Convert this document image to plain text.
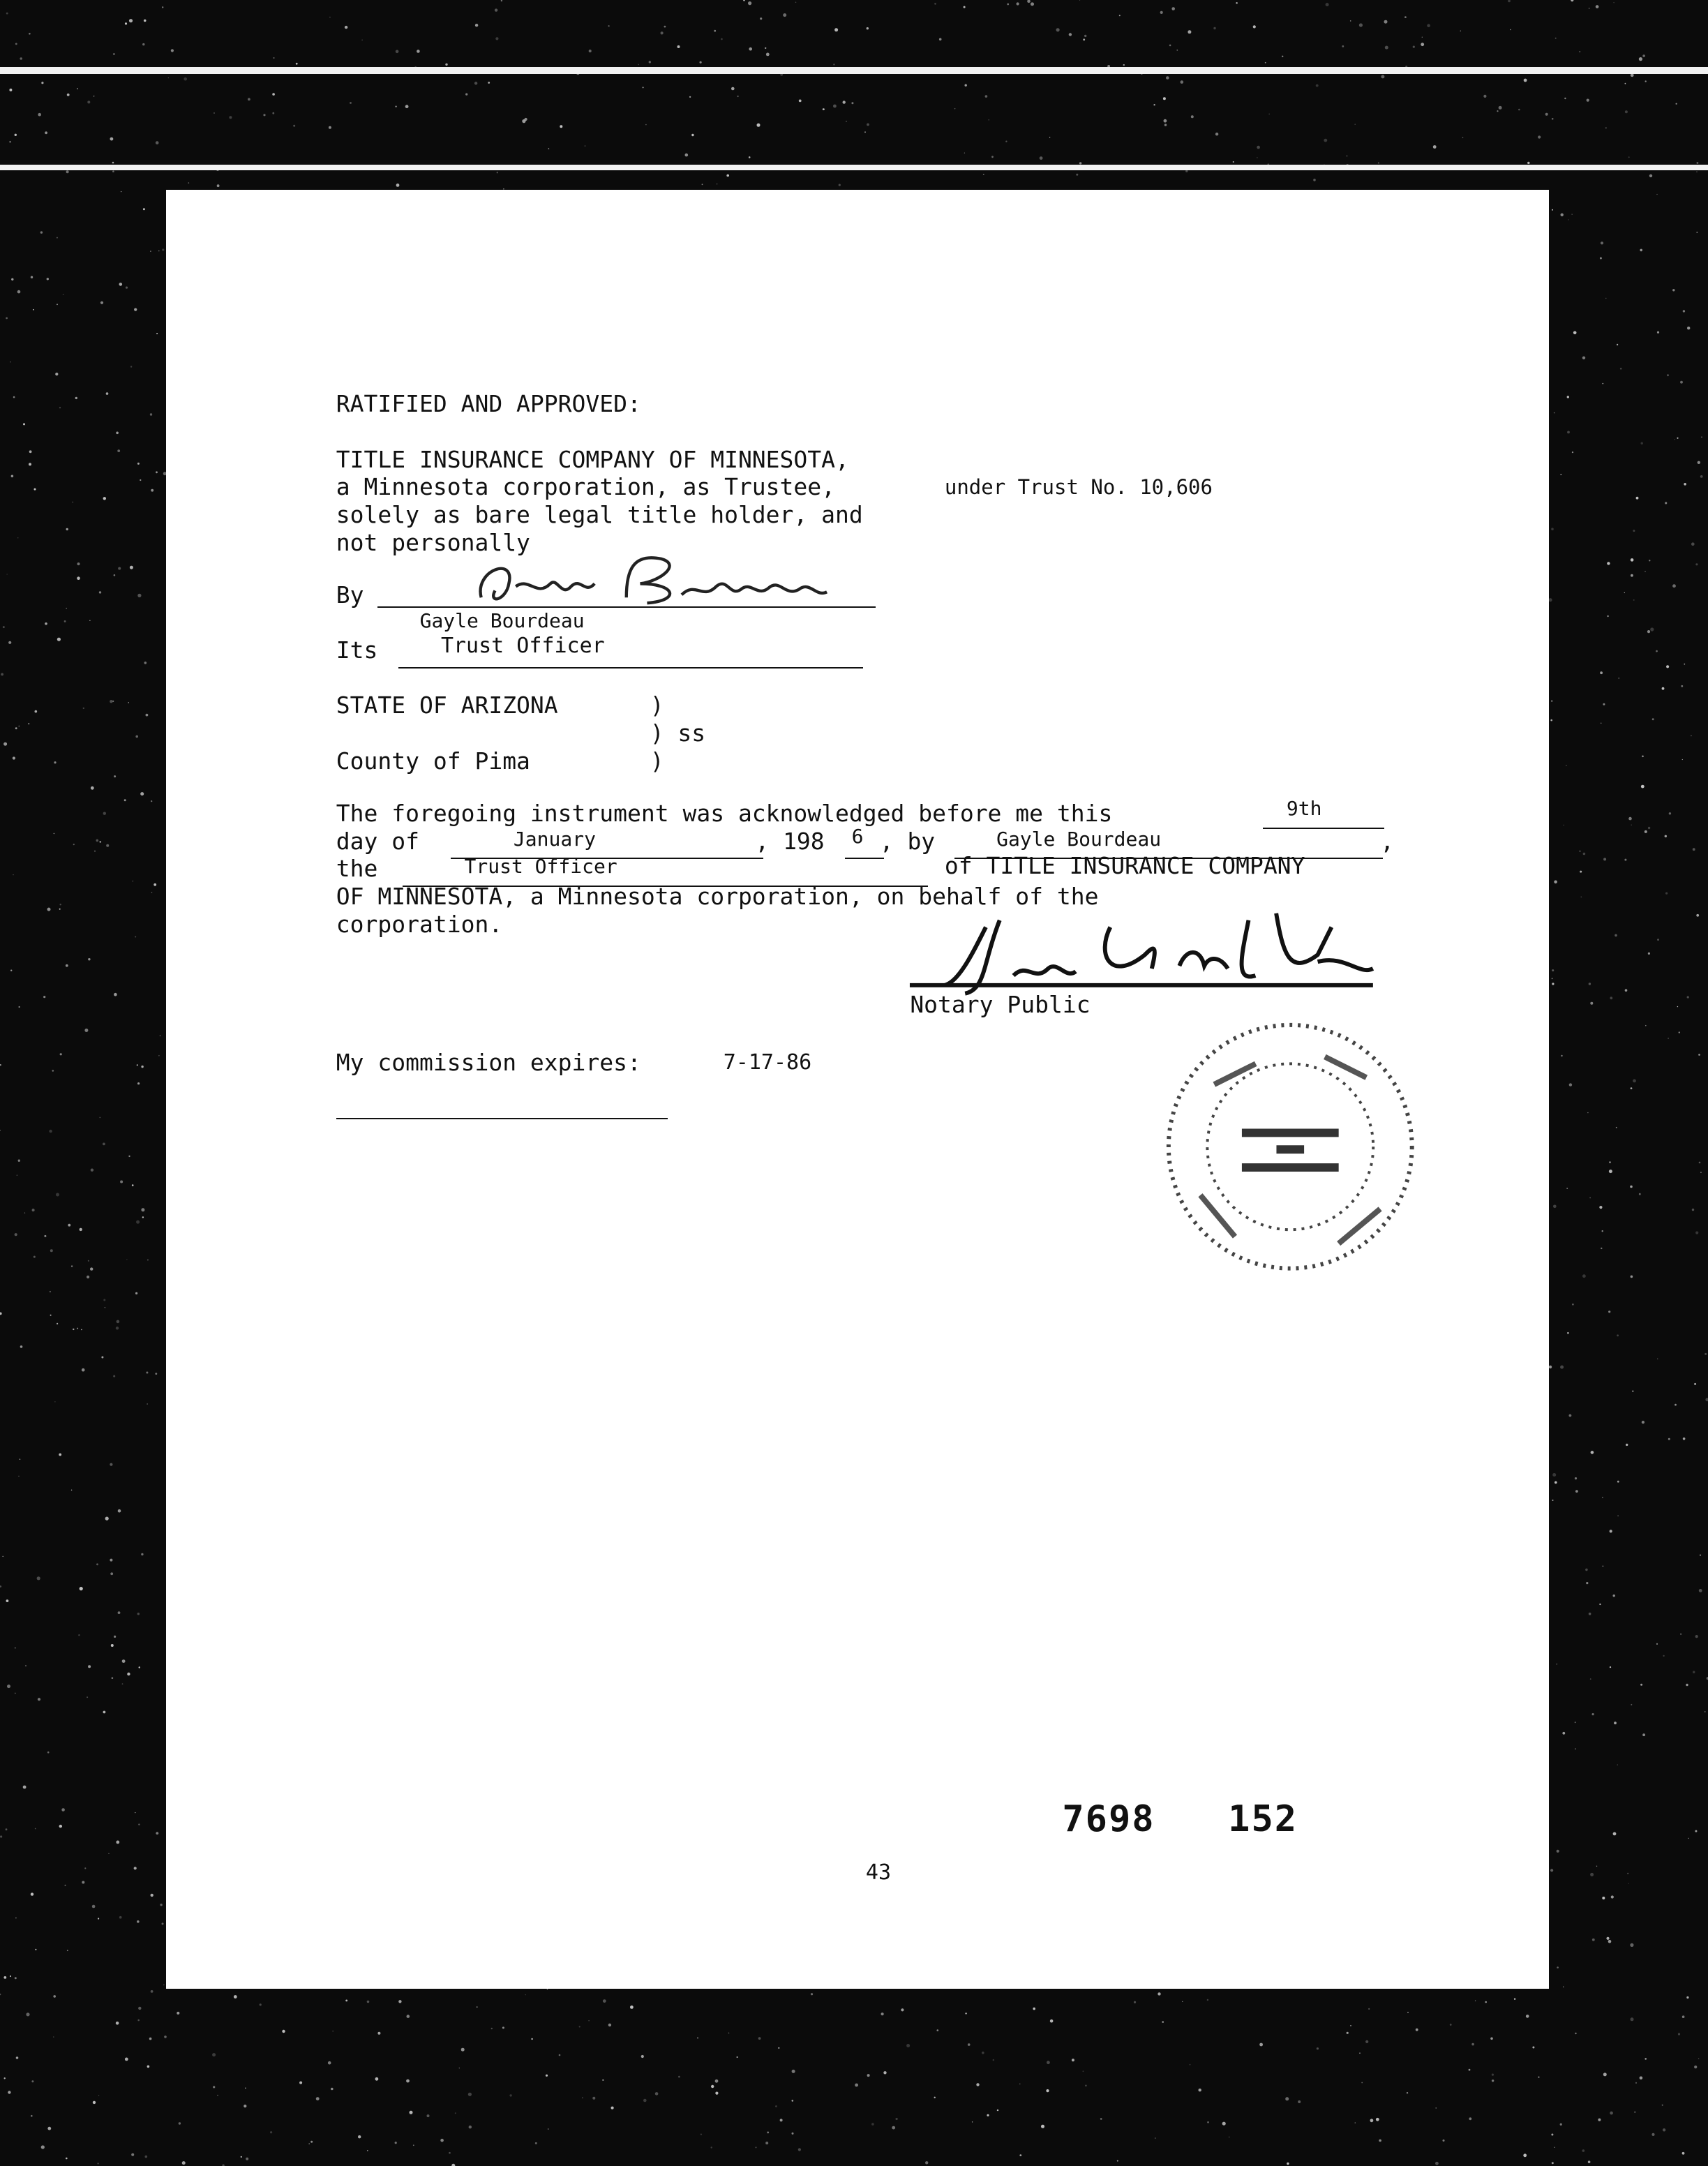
RATIFIED AND APPROVED:
TITLE INSURANCE COMPANY OF MINNESOTA,
a Minnesota corporation, as Trustee,	under Trust No. 10,606
solely as bare legal title holder, and
not personally
By
Gayle Bourdeau
Its	Trust Officer
STATE OF ARIZONA	)
) ss
County of Pima	)
The foregoing instrument was acknowledged before me this	9th
day of	January	, 198	6 , by	Gayle Bourdeau	,
the	Trust Officer	of TITLE INSURANCE COMPANY
OF MINNESOTA, a Minnesota corporation, on behalf of the
corporation.
Notary Public
My commission expires:	7-17-86
7698 152
43
